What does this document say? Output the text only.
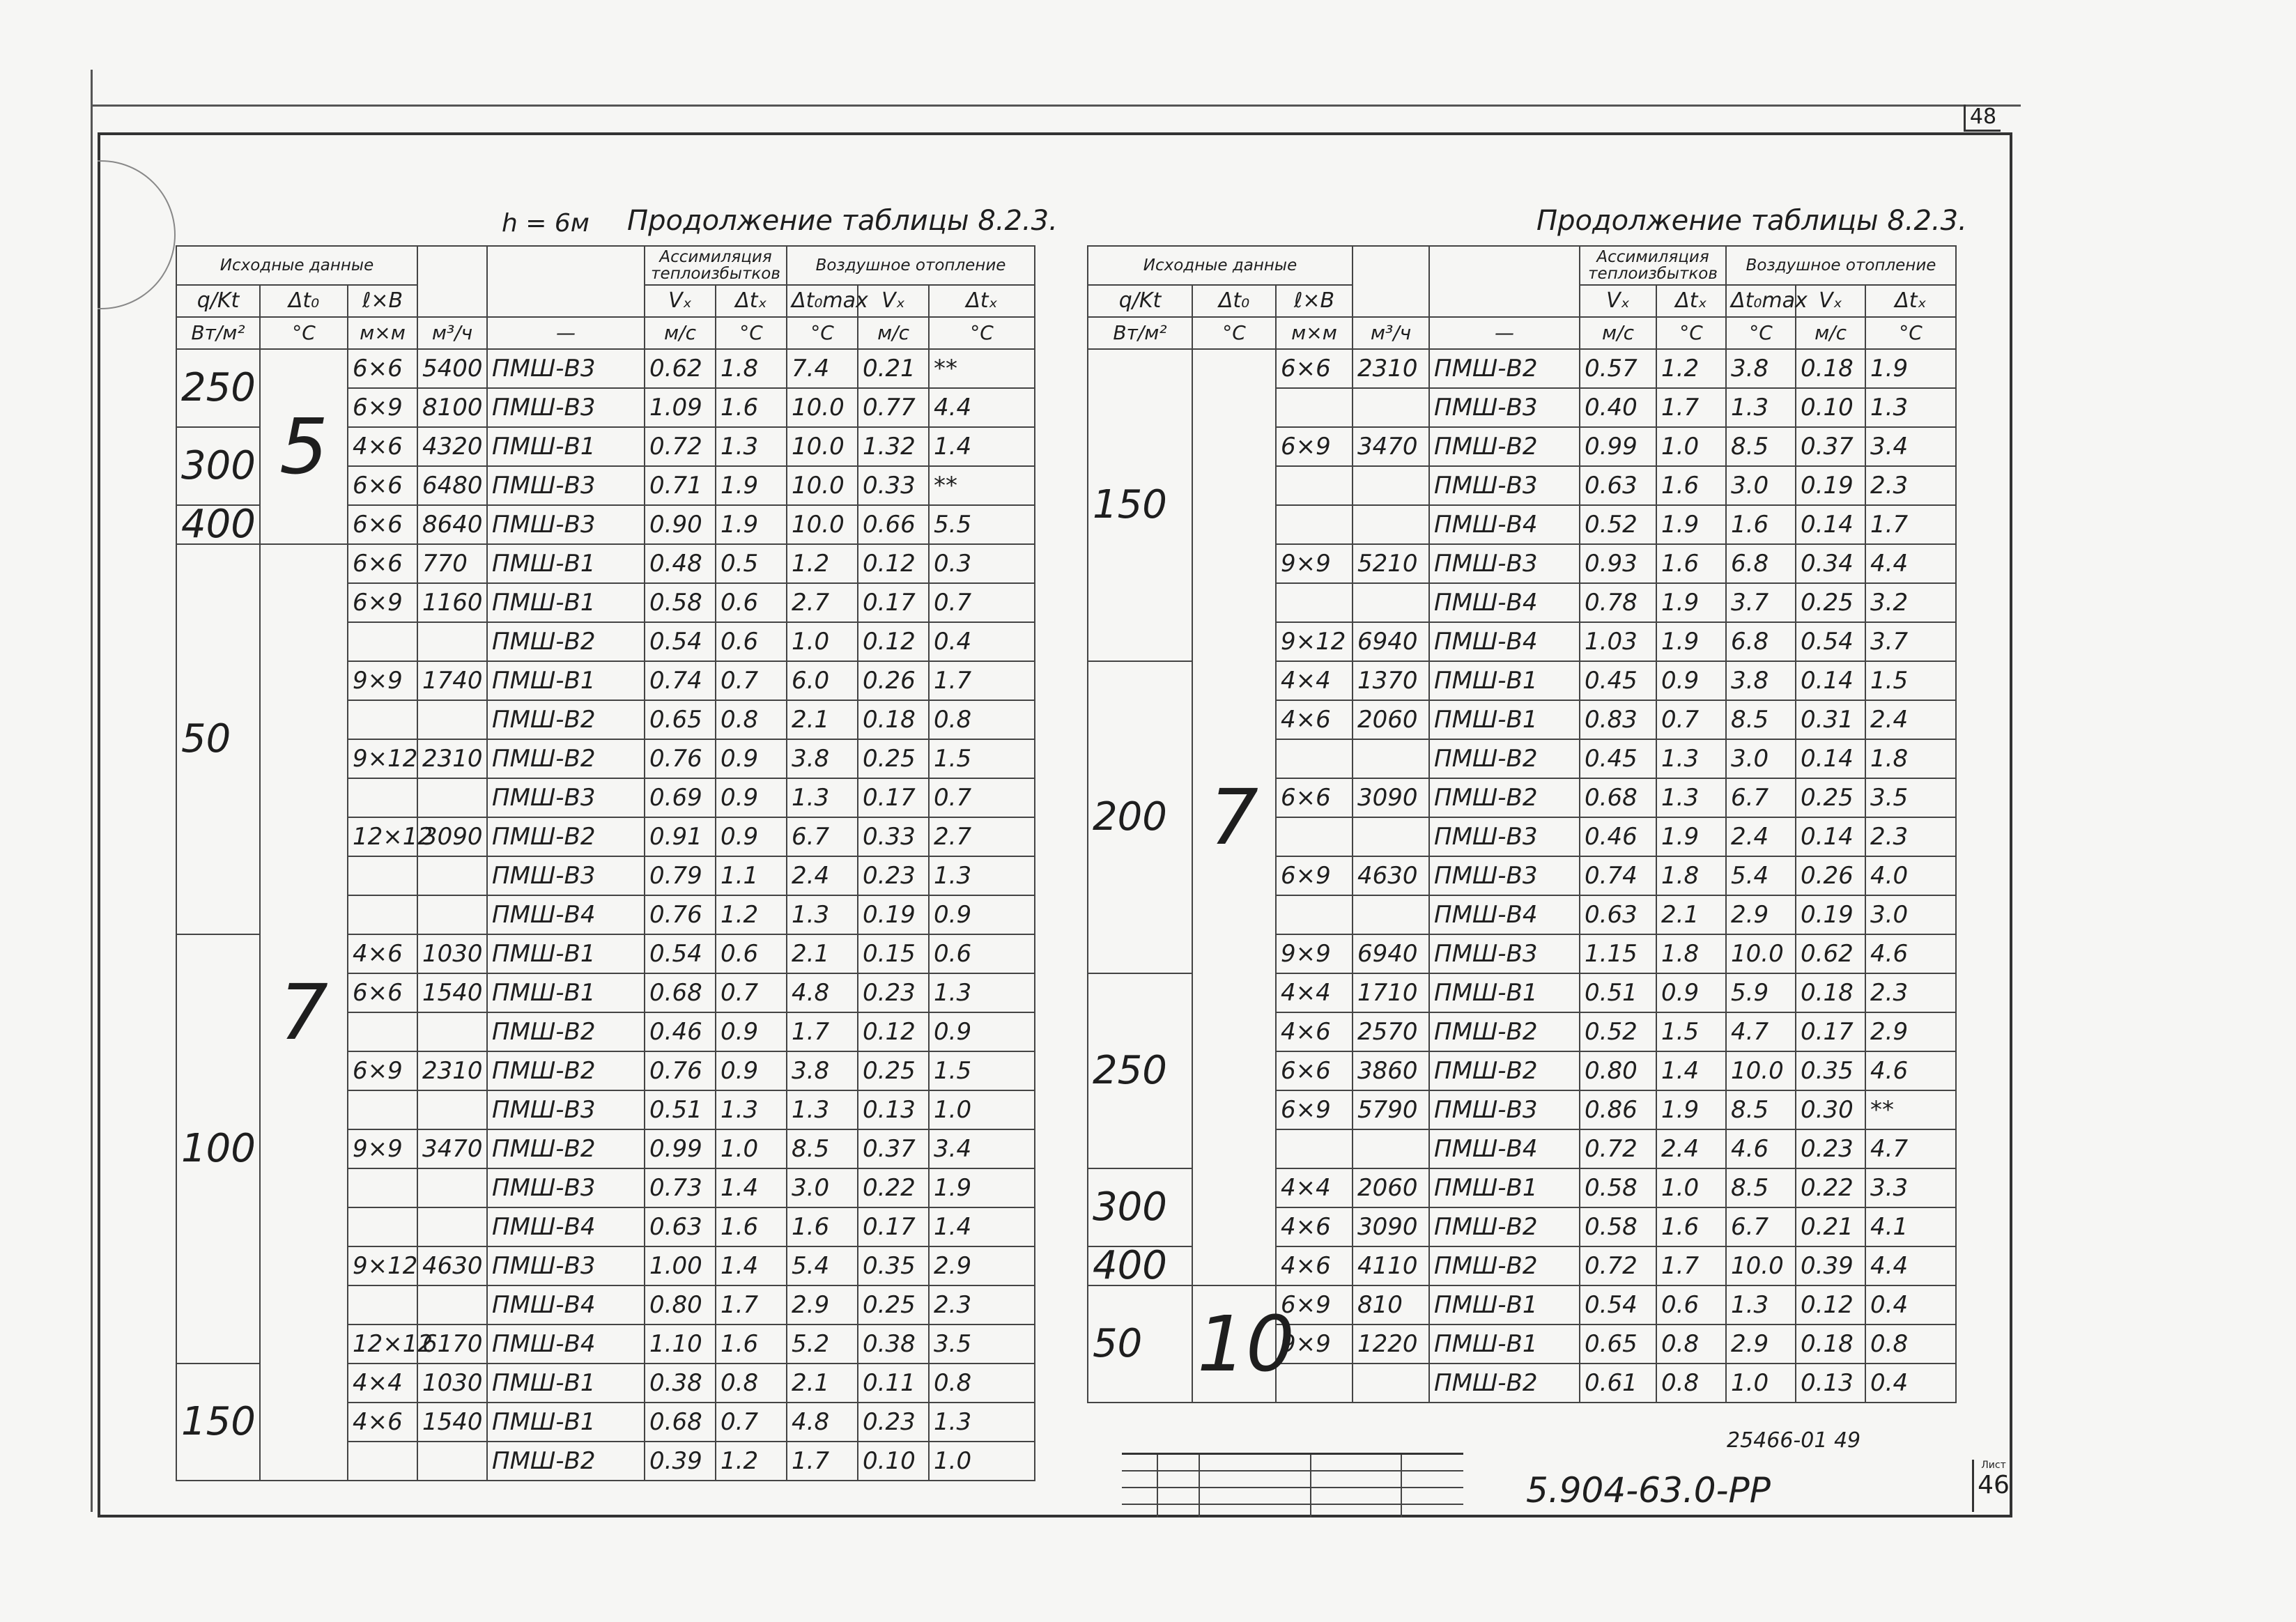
48
h = 6м Продолжение таблицы 8.2.3.	Продолжение таблицы 8.2.3.
Исходные данные					Ассимиляция теплоизбытков		Воздушное отопление		
q/Kt	Δt₀	ℓ×B			Vₓ	Δtₓ	Δt₀max	Vₓ	Δtₓ
Вт/м²	°C	м×м	м³/ч	—	м/с	°C	°C	м/с	°C
250	5	6×6	5400	ПМШ-В3	0.62	1.8	7.4	0.21	**
		6×9	8100	ПМШ-В3	1.09	1.6	10.0	0.77	4.4
300		4×6	4320	ПМШ-В1	0.72	1.3	10.0	1.32	1.4
		6×6	6480	ПМШ-В3	0.71	1.9	10.0	0.33	**
400		6×6	8640	ПМШ-В3	0.90	1.9	10.0	0.66	5.5
50	7	6×6	770	ПМШ-В1	0.48	0.5	1.2	0.12	0.3
		6×9	1160	ПМШ-В1	0.58	0.6	2.7	0.17	0.7
				ПМШ-В2	0.54	0.6	1.0	0.12	0.4
		9×9	1740	ПМШ-В1	0.74	0.7	6.0	0.26	1.7
				ПМШ-В2	0.65	0.8	2.1	0.18	0.8
		9×12	2310	ПМШ-В2	0.76	0.9	3.8	0.25	1.5
				ПМШ-В3	0.69	0.9	1.3	0.17	0.7
		12×12	3090	ПМШ-В2	0.91	0.9	6.7	0.33	2.7
				ПМШ-В3	0.79	1.1	2.4	0.23	1.3
				ПМШ-В4	0.76	1.2	1.3	0.19	0.9
100		4×6	1030	ПМШ-В1	0.54	0.6	2.1	0.15	0.6
		6×6	1540	ПМШ-В1	0.68	0.7	4.8	0.23	1.3
				ПМШ-В2	0.46	0.9	1.7	0.12	0.9
		6×9	2310	ПМШ-В2	0.76	0.9	3.8	0.25	1.5
				ПМШ-В3	0.51	1.3	1.3	0.13	1.0
		9×9	3470	ПМШ-В2	0.99	1.0	8.5	0.37	3.4
				ПМШ-В3	0.73	1.4	3.0	0.22	1.9
				ПМШ-В4	0.63	1.6	1.6	0.17	1.4
		9×12	4630	ПМШ-В3	1.00	1.4	5.4	0.35	2.9
				ПМШ-В4	0.80	1.7	2.9	0.25	2.3
		12×12	6170	ПМШ-В4	1.10	1.6	5.2	0.38	3.5
150		4×4	1030	ПМШ-В1	0.38	0.8	2.1	0.11	0.8
		4×6	1540	ПМШ-В1	0.68	0.7	4.8	0.23	1.3
				ПМШ-В2	0.39	1.2	1.7	0.10	1.0
Исходные данные					Ассимиляция теплоизбытков		Воздушное отопление		
q/Kt	Δt₀	ℓ×B			Vₓ	Δtₓ	Δt₀max	Vₓ	Δtₓ
Вт/м²	°C	м×м	м³/ч	—	м/с	°C	°C	м/с	°C
150	7	6×6	2310	ПМШ-В2	0.57	1.2	3.8	0.18	1.9
				ПМШ-В3	0.40	1.7	1.3	0.10	1.3
		6×9	3470	ПМШ-В2	0.99	1.0	8.5	0.37	3.4
				ПМШ-В3	0.63	1.6	3.0	0.19	2.3
				ПМШ-В4	0.52	1.9	1.6	0.14	1.7
		9×9	5210	ПМШ-В3	0.93	1.6	6.8	0.34	4.4
				ПМШ-В4	0.78	1.9	3.7	0.25	3.2
		9×12	6940	ПМШ-В4	1.03	1.9	6.8	0.54	3.7
200		4×4	1370	ПМШ-В1	0.45	0.9	3.8	0.14	1.5
		4×6	2060	ПМШ-В1	0.83	0.7	8.5	0.31	2.4
				ПМШ-В2	0.45	1.3	3.0	0.14	1.8
		6×6	3090	ПМШ-В2	0.68	1.3	6.7	0.25	3.5
				ПМШ-В3	0.46	1.9	2.4	0.14	2.3
		6×9	4630	ПМШ-В3	0.74	1.8	5.4	0.26	4.0
				ПМШ-В4	0.63	2.1	2.9	0.19	3.0
		9×9	6940	ПМШ-В3	1.15	1.8	10.0	0.62	4.6
250		4×4	1710	ПМШ-В1	0.51	0.9	5.9	0.18	2.3
		4×6	2570	ПМШ-В2	0.52	1.5	4.7	0.17	2.9
		6×6	3860	ПМШ-В2	0.80	1.4	10.0	0.35	4.6
		6×9	5790	ПМШ-В3	0.86	1.9	8.5	0.30	**
				ПМШ-В4	0.72	2.4	4.6	0.23	4.7
300		4×4	2060	ПМШ-В1	0.58	1.0	8.5	0.22	3.3
		4×6	3090	ПМШ-В2	0.58	1.6	6.7	0.21	4.1
400		4×6	4110	ПМШ-В2	0.72	1.7	10.0	0.39	4.4
50	10	6×9	810	ПМШ-В1	0.54	0.6	1.3	0.12	0.4
		9×9	1220	ПМШ-В1	0.65	0.8	2.9	0.18	0.8
				ПМШ-В2	0.61	0.8	1.0	0.13	0.4
25466-01 49
5.904-63.0-РР
Лист
46
